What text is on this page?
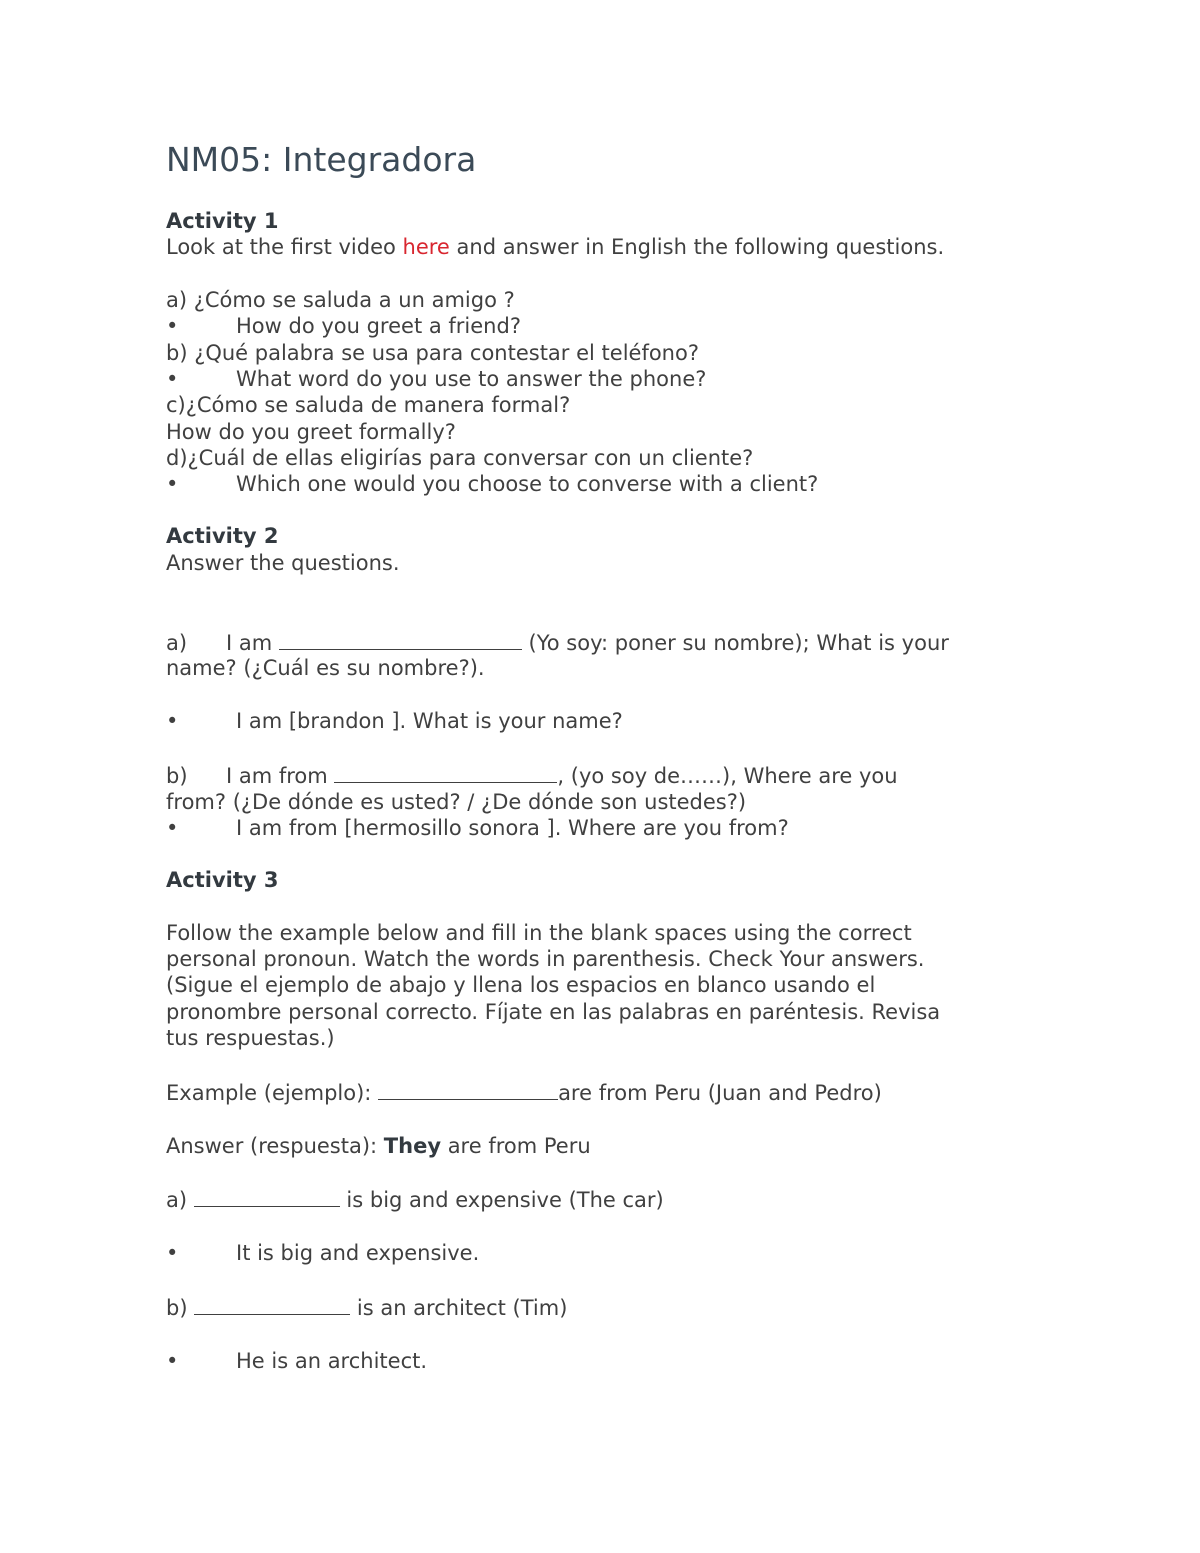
NM05: Integradora
Activity 1
Look at the first video here and answer in English the following questions.
a) ¿Cómo se saluda a un amigo ?
•	How do you greet a friend?
b) ¿Qué palabra se usa para contestar el teléfono?
•	What word do you use to answer the phone?
c)¿Cómo se saluda de manera formal?
How do you greet formally?
d)¿Cuál de ellas eligirías para conversar con un cliente?
•	Which one would you choose to converse with a client?
Activity 2
Answer the questions.
a) I am	(Yo soy: poner su nombre); What is your
name? (¿Cuál es su nombre?).
•	I am [brandon ]. What is your name?
b) I am from	, (yo soy de……), Where are you
from? (¿De dónde es usted? / ¿De dónde son ustedes?)
•	I am from [hermosillo sonora ]. Where are you from?
Activity 3
Follow the example below and fill in the blank spaces using the correct
personal pronoun. Watch the words in parenthesis. Check Your answers.
(Sigue el ejemplo de abajo y llena los espacios en blanco usando el
pronombre personal correcto. Fíjate en las palabras en paréntesis. Revisa
tus respuestas.)
Example (ejemplo):	are from Peru (Juan and Pedro)
Answer (respuesta): They are from Peru
a)	is big and expensive (The car)
•	It is big and expensive.
b)	is an architect (Tim)
•	He is an architect.
